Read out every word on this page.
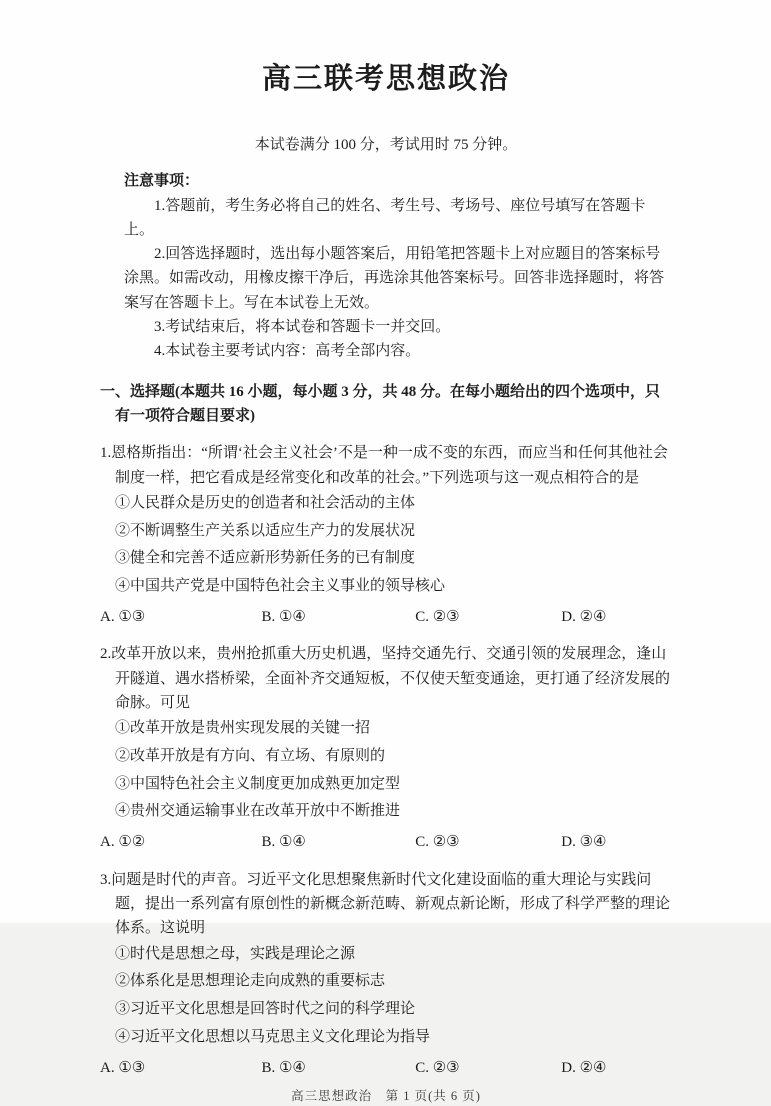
高三联考思想政治

本试卷满分 100 分，考试用时 75 分钟。

注意事项：

1.答题前，考生务必将自己的姓名、考生号、考场号、座位号填写在答题卡上。

2.回答选择题时，选出每小题答案后，用铅笔把答题卡上对应题目的答案标号涂黑。如需改动，用橡皮擦干净后，再选涂其他答案标号。回答非选择题时，将答案写在答题卡上。写在本试卷上无效。

3.考试结束后，将本试卷和答题卡一并交回。

4.本试卷主要考试内容：高考全部内容。

一、选择题(本题共 16 小题，每小题 3 分，共 48 分。在每小题给出的四个选项中，只有一项符合题目要求)

1.恩格斯指出：“所谓‘社会主义社会’不是一种一成不变的东西，而应当和任何其他社会制度一样，把它看成是经常变化和改革的社会。”下列选项与这一观点相符合的是

①人民群众是历史的创造者和社会活动的主体

②不断调整生产关系以适应生产力的发展状况

③健全和完善不适应新形势新任务的已有制度

④中国共产党是中国特色社会主义事业的领导核心

A. ①③	B. ①④	C. ②③	D. ②④

2.改革开放以来，贵州抢抓重大历史机遇，坚持交通先行、交通引领的发展理念，逢山开隧道、遇水搭桥梁，全面补齐交通短板，不仅使天堑变通途，更打通了经济发展的命脉。可见

①改革开放是贵州实现发展的关键一招

②改革开放是有方向、有立场、有原则的

③中国特色社会主义制度更加成熟更加定型

④贵州交通运输事业在改革开放中不断推进

A. ①②	B. ①④	C. ②③	D. ③④

3.问题是时代的声音。习近平文化思想聚焦新时代文化建设面临的重大理论与实践问题，提出一系列富有原创性的新概念新范畴、新观点新论断，形成了科学严整的理论体系。这说明

①时代是思想之母，实践是理论之源

②体系化是思想理论走向成熟的重要标志

③习近平文化思想是回答时代之问的科学理论

④习近平文化思想以马克思主义文化理论为指导

A. ①③	B. ①④	C. ②③	D. ②④
高三思想政治　第 1 页(共 6 页)
